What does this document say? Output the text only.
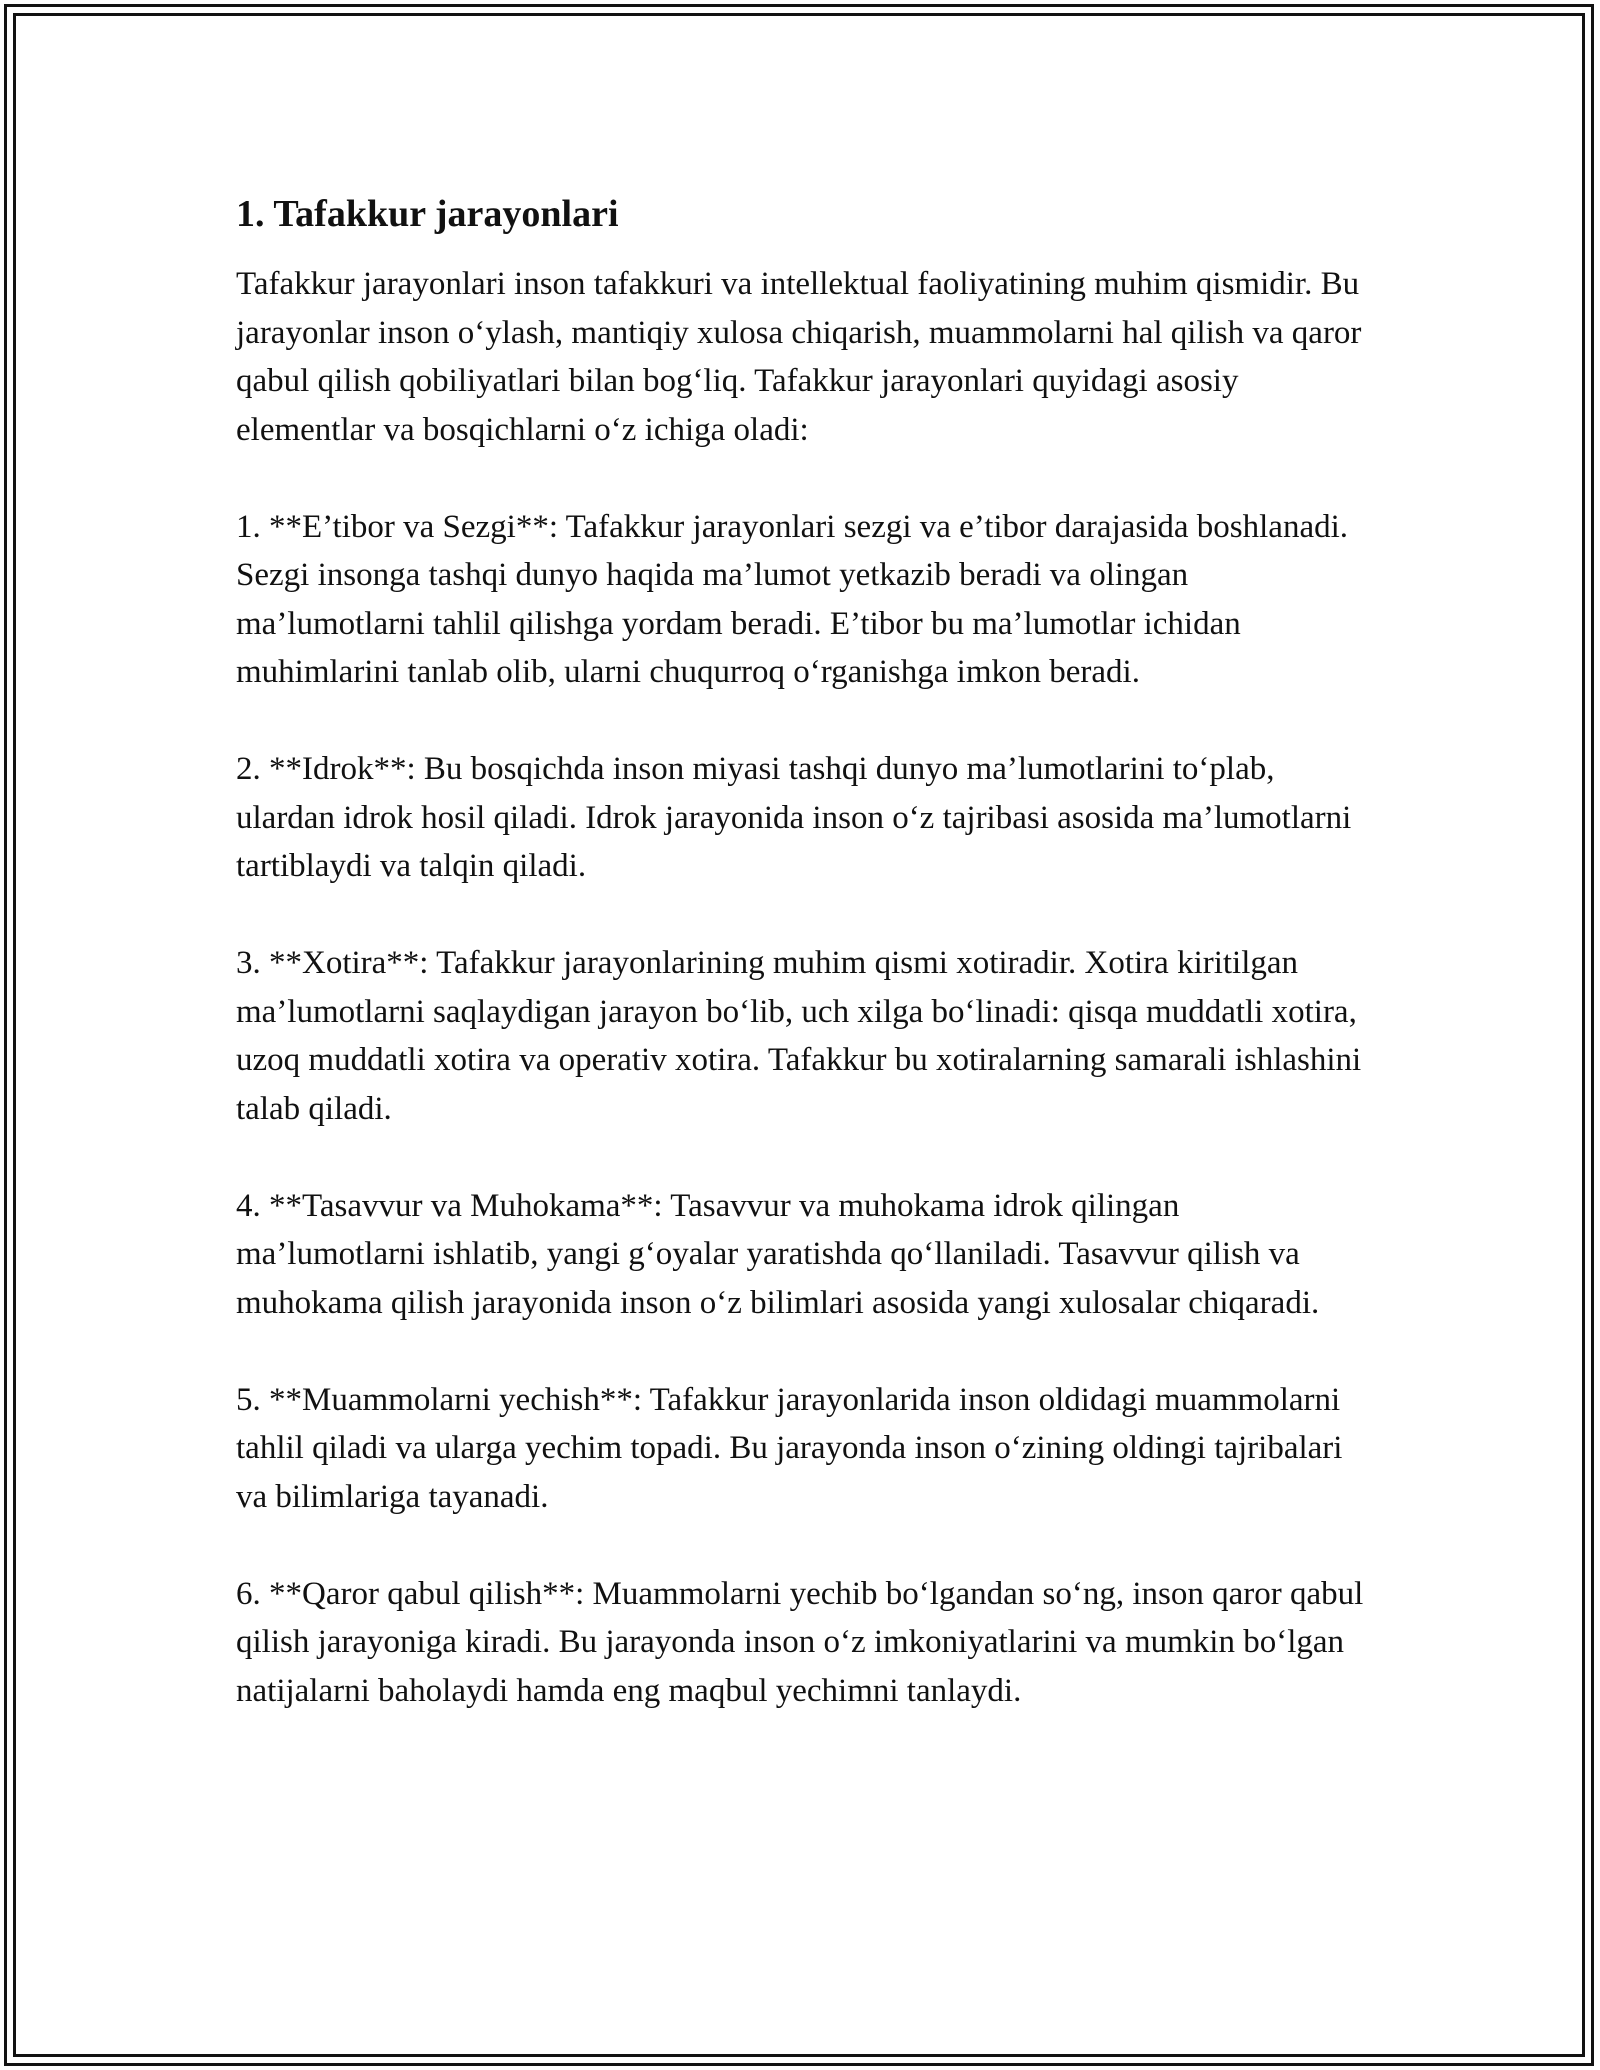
1. Tafakkur jarayonlari

Tafakkur jarayonlari inson tafakkuri va intellektual faoliyatining muhim qismidir. Bu jarayonlar inson o‘ylash, mantiqiy xulosa chiqarish, muammolarni hal qilish va qaror qabul qilish qobiliyatlari bilan bog‘liq. Tafakkur jarayonlari quyidagi asosiy elementlar va bosqichlarni o‘z ichiga oladi:

1. **E’tibor va Sezgi**: Tafakkur jarayonlari sezgi va e’tibor darajasida boshlanadi. Sezgi insonga tashqi dunyo haqida ma’lumot yetkazib beradi va olingan ma’lumotlarni tahlil qilishga yordam beradi. E’tibor bu ma’lumotlar ichidan muhimlarini tanlab olib, ularni chuqurroq o‘rganishga imkon beradi.

2. **Idrok**: Bu bosqichda inson miyasi tashqi dunyo ma’lumotlarini to‘plab, ulardan idrok hosil qiladi. Idrok jarayonida inson o‘z tajribasi asosida ma’lumotlarni tartiblaydi va talqin qiladi.

3. **Xotira**: Tafakkur jarayonlarining muhim qismi xotiradir. Xotira kiritilgan ma’lumotlarni saqlaydigan jarayon bo‘lib, uch xilga bo‘linadi: qisqa muddatli xotira, uzoq muddatli xotira va operativ xotira. Tafakkur bu xotiralarning samarali ishlashini talab qiladi.

4. **Tasavvur va Muhokama**: Tasavvur va muhokama idrok qilingan ma’lumotlarni ishlatib, yangi g‘oyalar yaratishda qo‘llaniladi. Tasavvur qilish va muhokama qilish jarayonida inson o‘z bilimlari asosida yangi xulosalar chiqaradi.

5. **Muammolarni yechish**: Tafakkur jarayonlarida inson oldidagi muammolarni tahlil qiladi va ularga yechim topadi. Bu jarayonda inson o‘zining oldingi tajribalari va bilimlariga tayanadi.

6. **Qaror qabul qilish**: Muammolarni yechib bo‘lgandan so‘ng, inson qaror qabul qilish jarayoniga kiradi. Bu jarayonda inson o‘z imkoniyatlarini va mumkin bo‘lgan natijalarni baholaydi hamda eng maqbul yechimni tanlaydi.
